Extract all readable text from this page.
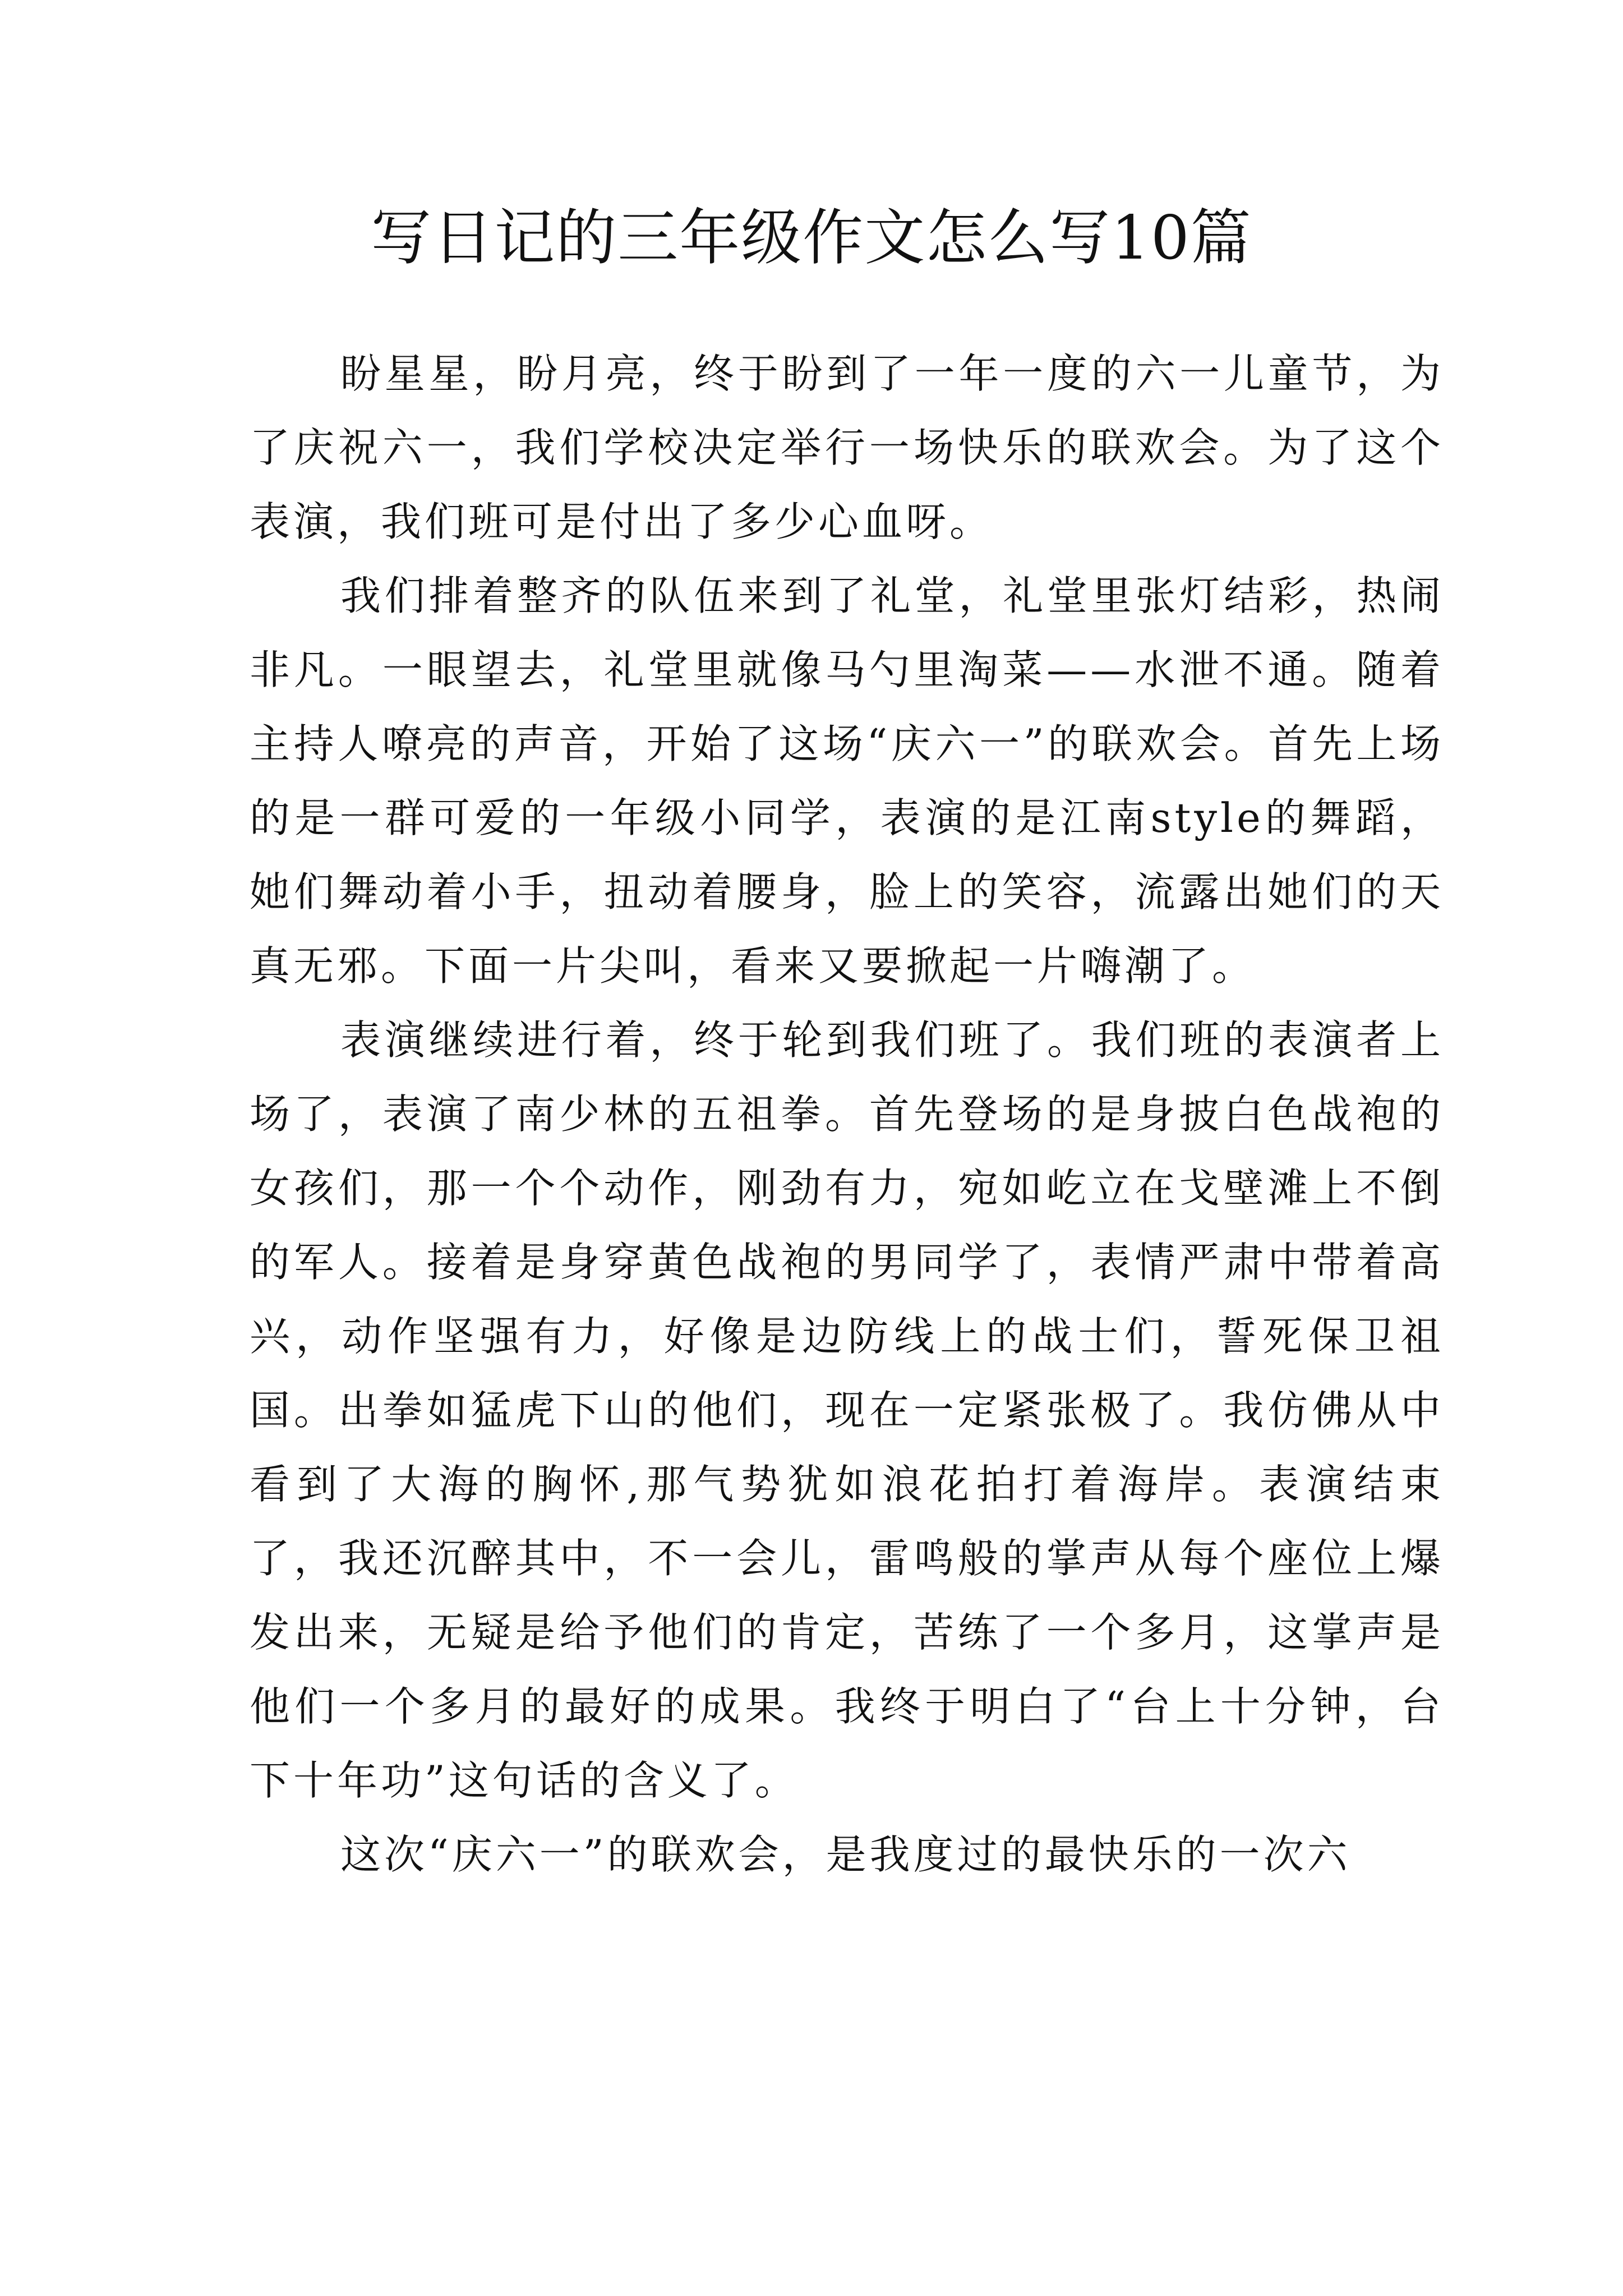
写日记的三年级作文怎么写10篇

盼星星，盼月亮，终于盼到了一年一度的六一儿童节，为了庆祝六一，我们学校决定举行一场快乐的联欢会。为了这个表演，我们班可是付出了多少心血呀。

我们排着整齐的队伍来到了礼堂，礼堂里张灯结彩，热闹非凡。一眼望去，礼堂里就像马勺里淘菜——水泄不通。随着主持人嘹亮的声音，开始了这场“庆六一”的联欢会。首先上场的是一群可爱的一年级小同学，表演的是江南style的舞蹈，她们舞动着小手，扭动着腰身，脸上的笑容，流露出她们的天真无邪。下面一片尖叫，看来又要掀起一片嗨潮了。

表演继续进行着，终于轮到我们班了。我们班的表演者上场了，表演了南少林的五祖拳。首先登场的是身披白色战袍的女孩们，那一个个动作，刚劲有力，宛如屹立在戈壁滩上不倒的军人。接着是身穿黄色战袍的男同学了，表情严肃中带着高兴，动作坚强有力，好像是边防线上的战士们，誓死保卫祖国。出拳如猛虎下山的他们，现在一定紧张极了。我仿佛从中看到了大海的胸怀,那气势犹如浪花拍打着海岸。表演结束了，我还沉醉其中，不一会儿，雷鸣般的掌声从每个座位上爆发出来，无疑是给予他们的肯定，苦练了一个多月，这掌声是他们一个多月的最好的成果。我终于明白了“台上十分钟，台下十年功”这句话的含义了。

这次“庆六一”的联欢会，是我度过的最快乐的一次六
